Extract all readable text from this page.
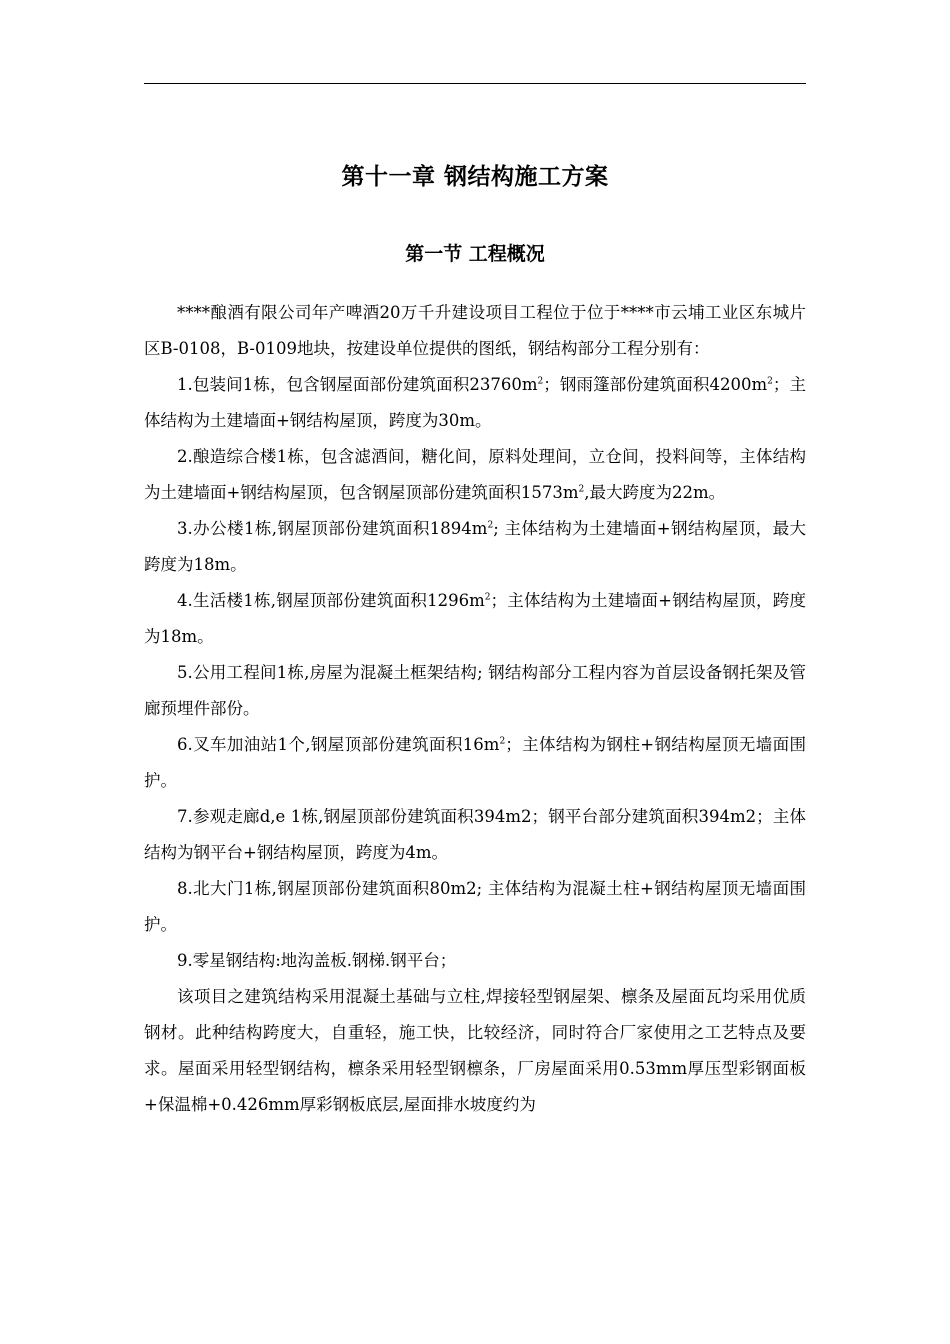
第十一章 钢结构施工方案
第一节 工程概况

****酿酒有限公司年产啤酒20万千升建设项目工程位于位于****市云埔工业区东城片区B-0108，B-0109地块，按建设单位提供的图纸，钢结构部分工程分别有：

1.包装间1栋，包含钢屋面部份建筑面积$23760m^2$；钢雨篷部份建筑面积$4200m^2$；主体结构为土建墙面+钢结构屋顶，跨度为30m。

2.酿造综合楼1栋，包含滤酒间，糖化间，原料处理间，立仓间，投料间等，主体结构为土建墙面+钢结构屋顶，包含钢屋顶部份建筑面积$1573m^2$,最大跨度为22m。

3.办公楼1栋,钢屋顶部份建筑面积$1894m^2$; 主体结构为土建墙面+钢结构屋顶，最大跨度为18m。

4.生活楼1栋,钢屋顶部份建筑面积$1296m^2$；主体结构为土建墙面+钢结构屋顶，跨度为18m。

5.公用工程间1栋,房屋为混凝土框架结构; 钢结构部分工程内容为首层设备钢托架及管廊预埋件部份。

6.叉车加油站1个,钢屋顶部份建筑面积$16m^2$；主体结构为钢柱+钢结构屋顶无墙面围护。

7.参观走廊d,e 1栋,钢屋顶部份建筑面积394m2；钢平台部分建筑面积394m2；主体结构为钢平台+钢结构屋顶，跨度为4m。

8.北大门1栋,钢屋顶部份建筑面积80m2; 主体结构为混凝土柱+钢结构屋顶无墙面围护。

9.零星钢结构:地沟盖板.钢梯.钢平台；

该项目之建筑结构采用混凝土基础与立柱,焊接轻型钢屋架、檩条及屋面瓦均采用优质钢材。此种结构跨度大，自重轻，施工快，比较经济，同时符合厂家使用之工艺特点及要求。屋面采用轻型钢结构，檩条采用轻型钢檩条，厂房屋面采用0.53mm厚压型彩钢面板+保温棉+0.426mm厚彩钢板底层,屋面排水坡度约为
